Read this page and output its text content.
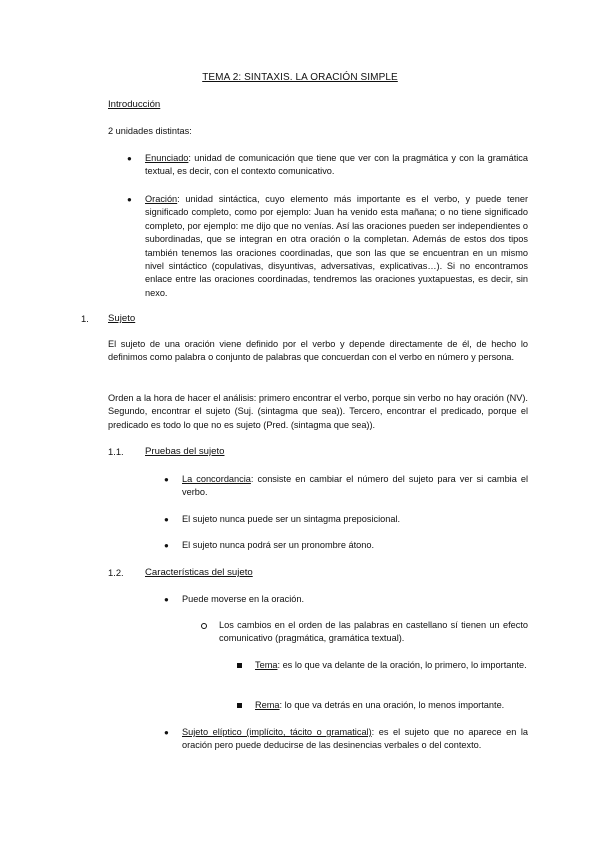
TEMA 2: SINTAXIS. LA ORACIÓN SIMPLE
Introducción
2 unidades distintas:
● Enunciado: unidad de comunicación que tiene que ver con la pragmática y con la gramática textual, es decir, con el contexto comunicativo.
● Oración: unidad sintáctica, cuyo elemento más importante es el verbo, y puede tener significado completo, como por ejemplo: Juan ha venido esta mañana; o no tiene significado completo, por ejemplo: me dijo que no venías. Así las oraciones pueden ser independientes o subordinadas, que se integran en otra oración o la completan. Además de estos dos tipos también tenemos las oraciones coordinadas, que son las que se encuentran en un mismo nivel sintáctico (copulativas, disyuntivas, adversativas, explicativas…). Si no encontramos enlace entre las oraciones coordinadas, tendremos las oraciones yuxtapuestas, es decir, sin nexo.
1. Sujeto
El sujeto de una oración viene definido por el verbo y depende directamente de él, de hecho lo definimos como palabra o conjunto de palabras que concuerdan con el verbo en número y persona.
Orden a la hora de hacer el análisis: primero encontrar el verbo, porque sin verbo no hay oración (NV). Segundo, encontrar el sujeto (Suj. (sintagma que sea)). Tercero, encontrar el predicado, porque el predicado es todo lo que no es sujeto (Pred. (sintagma que sea)).
1.1. Pruebas del sujeto
● La concordancia: consiste en cambiar el número del sujeto para ver si cambia el verbo.
● El sujeto nunca puede ser un sintagma preposicional.
● El sujeto nunca podrá ser un pronombre átono.
1.2. Características del sujeto
● Puede moverse en la oración.
Los cambios en el orden de las palabras en castellano sí tienen un efecto comunicativo (pragmática, gramática textual).
Tema: es lo que va delante de la oración, lo primero, lo importante.
Rema: lo que va detrás en una oración, lo menos importante.
● Sujeto elíptico (implícito, tácito o gramatical): es el sujeto que no aparece en la oración pero puede deducirse de las desinencias verbales o del contexto.
